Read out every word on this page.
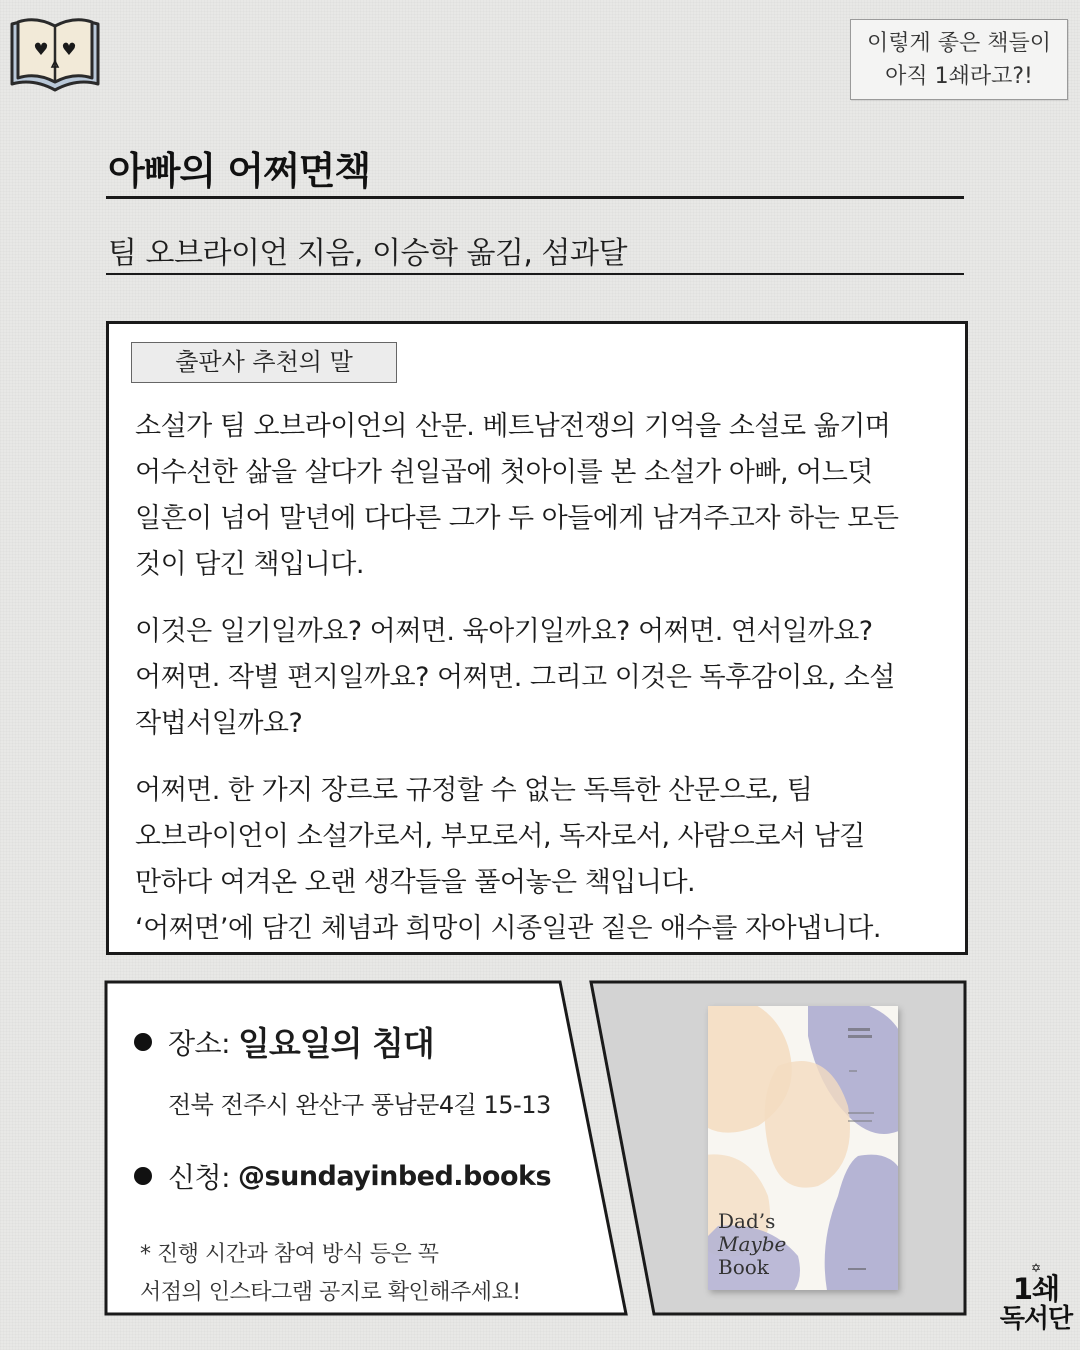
♥ ♥	이렇게 좋은 책들이
아직 1쇄라고?!
아빠의 어쩌면책
팀 오브라이언 지음, 이승학 옮김, 섬과달
출판사 추천의 말
소설가 팀 오브라이언의 산문. 베트남전쟁의 기억을 소설로 옮기며
어수선한 삶을 살다가 쉰일곱에 첫아이를 본 소설가 아빠, 어느덧
일흔이 넘어 말년에 다다른 그가 두 아들에게 남겨주고자 하는 모든
것이 담긴 책입니다.
이것은 일기일까요? 어쩌면. 육아기일까요? 어쩌면. 연서일까요?
어쩌면. 작별 편지일까요? 어쩌면. 그리고 이것은 독후감이요, 소설
작법서일까요?
어쩌면. 한 가지 장르로 규정할 수 없는 독특한 산문으로, 팀
오브라이언이 소설가로서, 부모로서, 독자로서, 사람으로서 남길
만하다 여겨온 오랜 생각들을 풀어놓은 책입니다.
‘어쩌면’에 담긴 체념과 희망이 시종일관 짙은 애수를 자아냅니다.
장소: 일요일의 침대
전북 전주시 완산구 풍남문4길 15-13
신청: @sundayinbed.books
* 진행 시간과 참여 방식 등은 꼭
서점의 인스타그램 공지로 확인해주세요!
Dad’s
Maybe
Book	✡
1쇄
독서단
